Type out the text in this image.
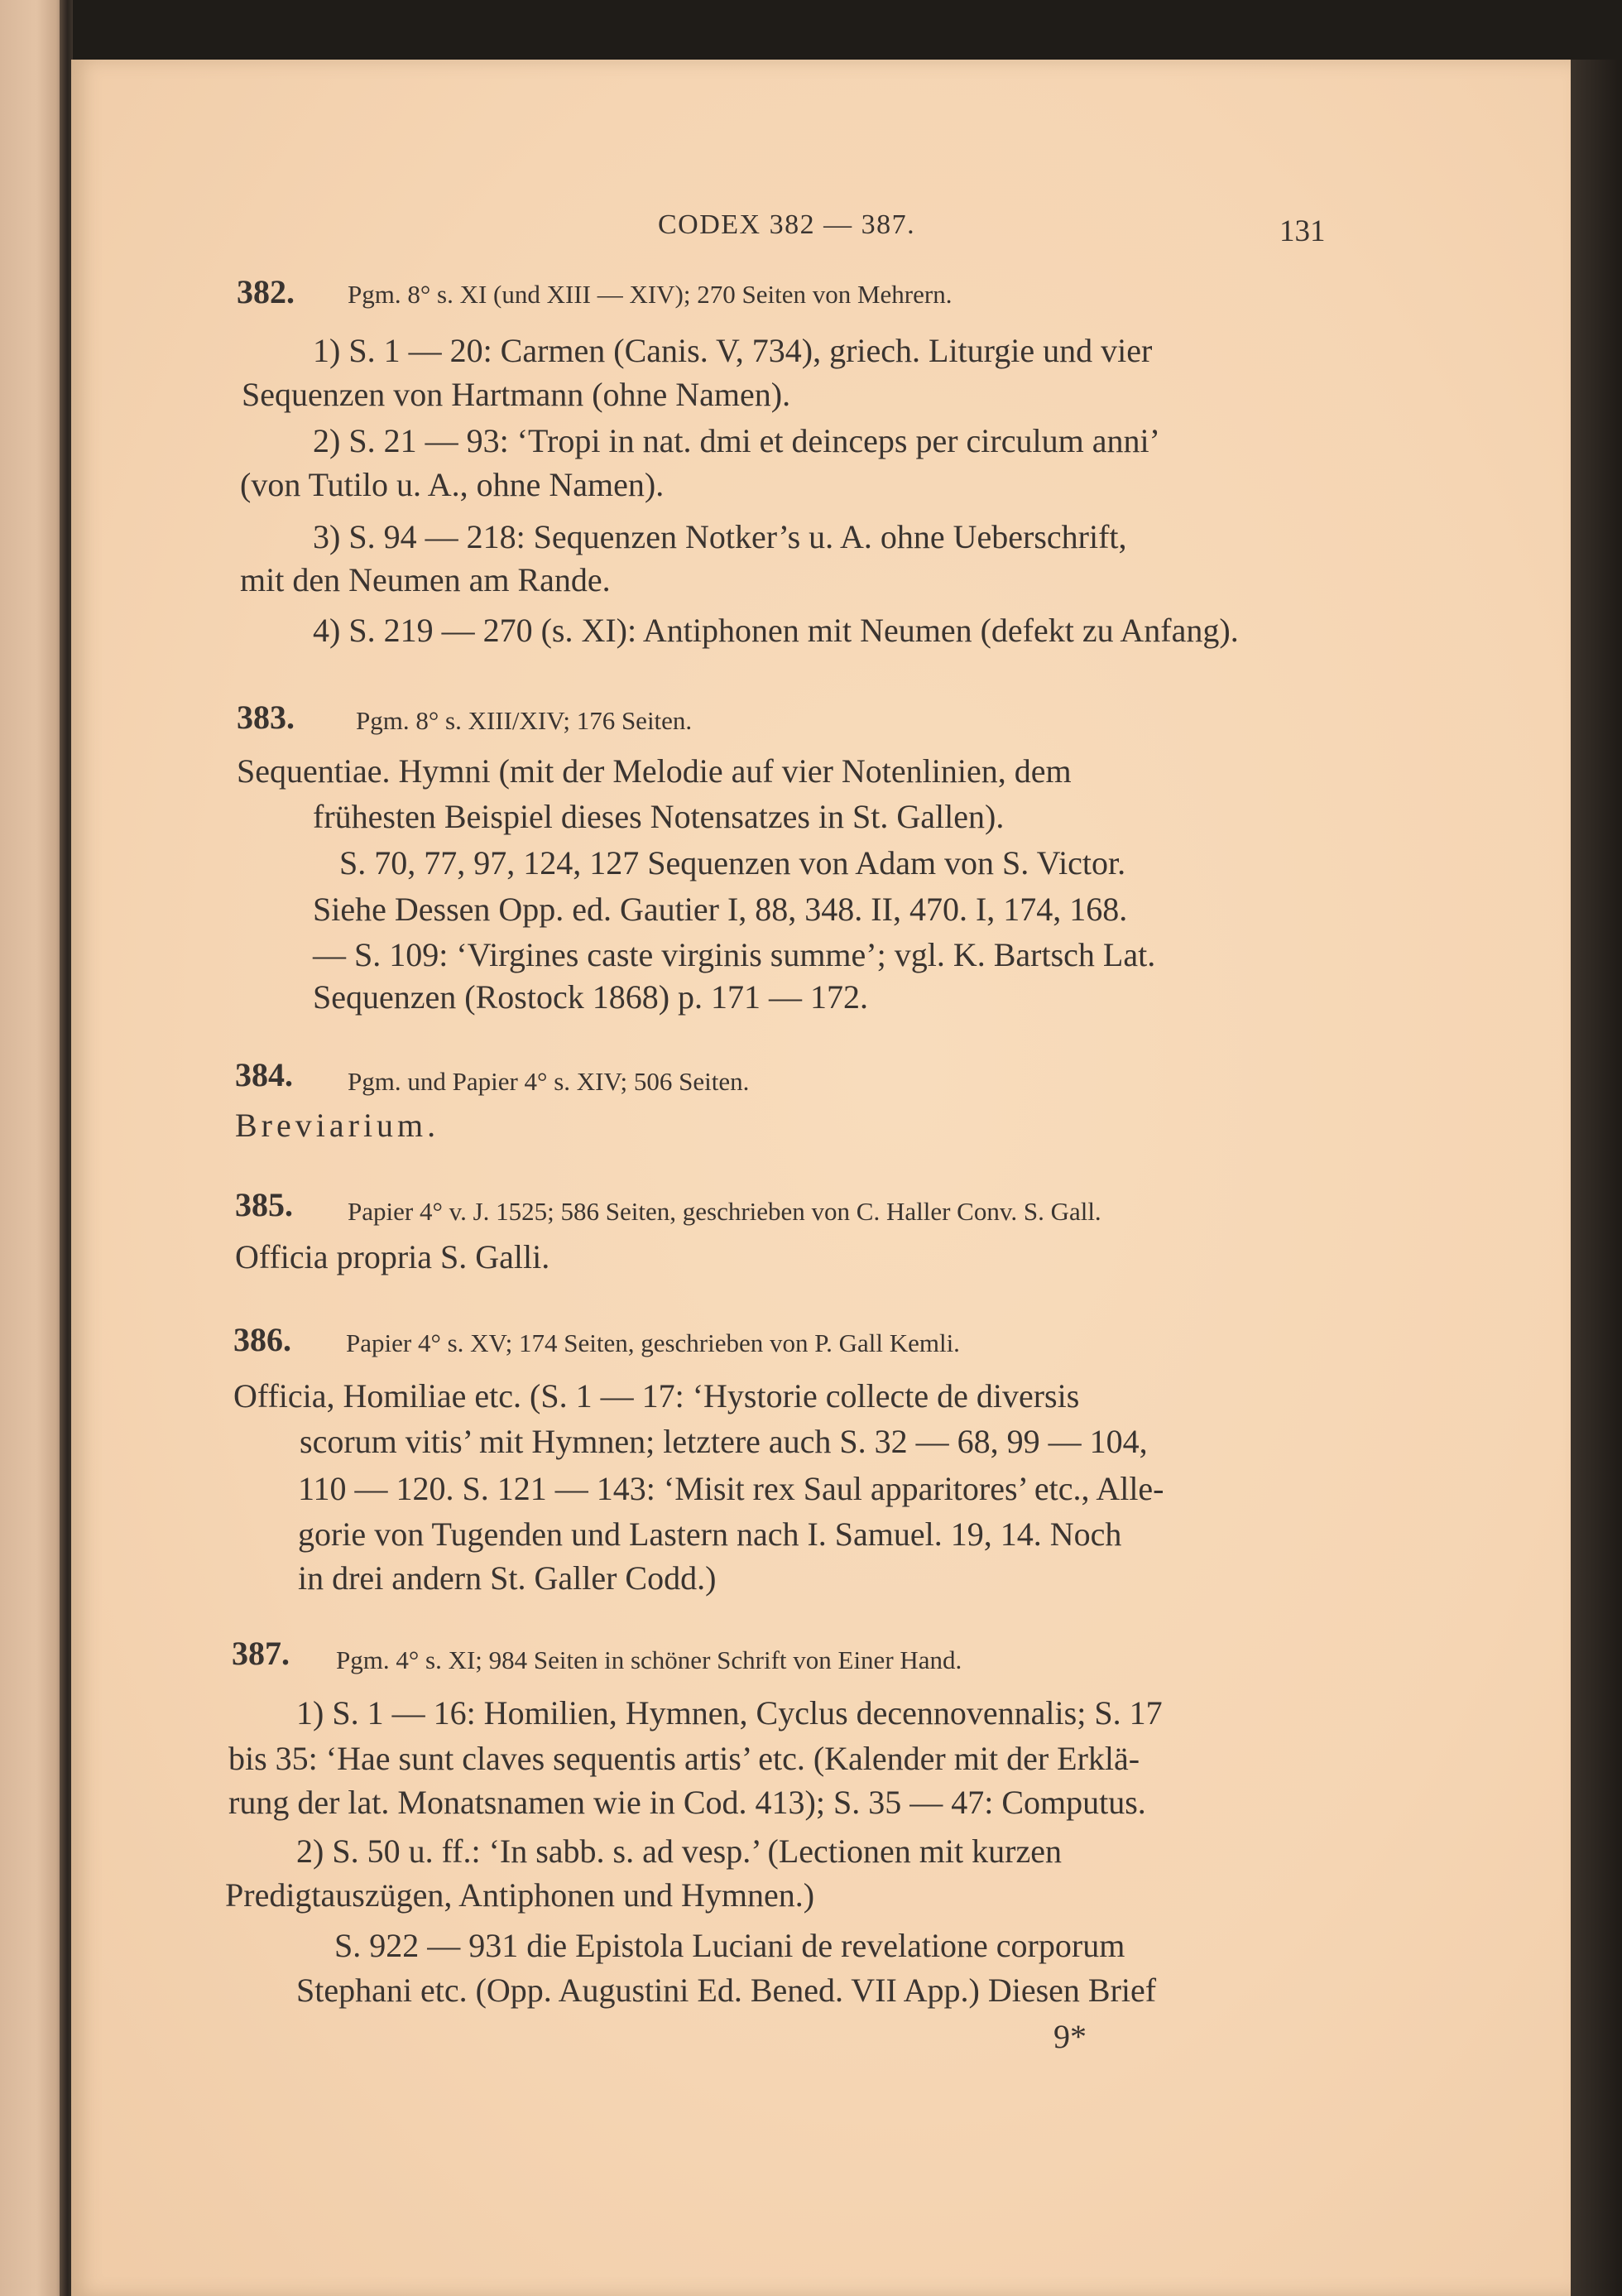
CODEX 382 — 387.	131
382. Pgm. 8° s. XI (und XIII — XIV); 270 Seiten von Mehrern.
1) S. 1 — 20: Carmen (Canis. V, 734), griech. Liturgie und vier
Sequenzen von Hartmann (ohne Namen).
2) S. 21 — 93: ‘Tropi in nat. dmi et deinceps per circulum anni’
(von Tutilo u. A., ohne Namen).
3) S. 94 — 218: Sequenzen Notker’s u. A. ohne Ueberschrift,
mit den Neumen am Rande.
4) S. 219 — 270 (s. XI): Antiphonen mit Neumen (defekt zu Anfang).
383. Pgm. 8° s. XIII/XIV; 176 Seiten.
Sequentiae. Hymni (mit der Melodie auf vier Notenlinien, dem
frühesten Beispiel dieses Notensatzes in St. Gallen).
S. 70, 77, 97, 124, 127 Sequenzen von Adam von S. Victor.
Siehe Dessen Opp. ed. Gautier I, 88, 348. II, 470. I, 174, 168.
— S. 109: ‘Virgines caste virginis summe’; vgl. K. Bartsch Lat.
Sequenzen (Rostock 1868) p. 171 — 172.
384. Pgm. und Papier 4° s. XIV; 506 Seiten.
Breviarium.
385. Papier 4° v. J. 1525; 586 Seiten, geschrieben von C. Haller Conv. S. Gall.
Officia propria S. Galli.
386. Papier 4° s. XV; 174 Seiten, geschrieben von P. Gall Kemli.
Officia, Homiliae etc. (S. 1 — 17: ‘Hystorie collecte de diversis
scorum vitis’ mit Hymnen; letztere auch S. 32 — 68, 99 — 104,
110 — 120. S. 121 — 143: ‘Misit rex Saul apparitores’ etc., Alle-
gorie von Tugenden und Lastern nach I. Samuel. 19, 14. Noch
in drei andern St. Galler Codd.)
387. Pgm. 4° s. XI; 984 Seiten in schöner Schrift von Einer Hand.
1) S. 1 — 16: Homilien, Hymnen, Cyclus decennovennalis; S. 17
bis 35: ‘Hae sunt claves sequentis artis’ etc. (Kalender mit der Erklä-
rung der lat. Monatsnamen wie in Cod. 413); S. 35 — 47: Computus.
2) S. 50 u. ff.: ‘In sabb. s. ad vesp.’ (Lectionen mit kurzen
Predigtauszügen, Antiphonen und Hymnen.)
S. 922 — 931 die Epistola Luciani de revelatione corporum
Stephani etc. (Opp. Augustini Ed. Bened. VII App.) Diesen Brief
9*
